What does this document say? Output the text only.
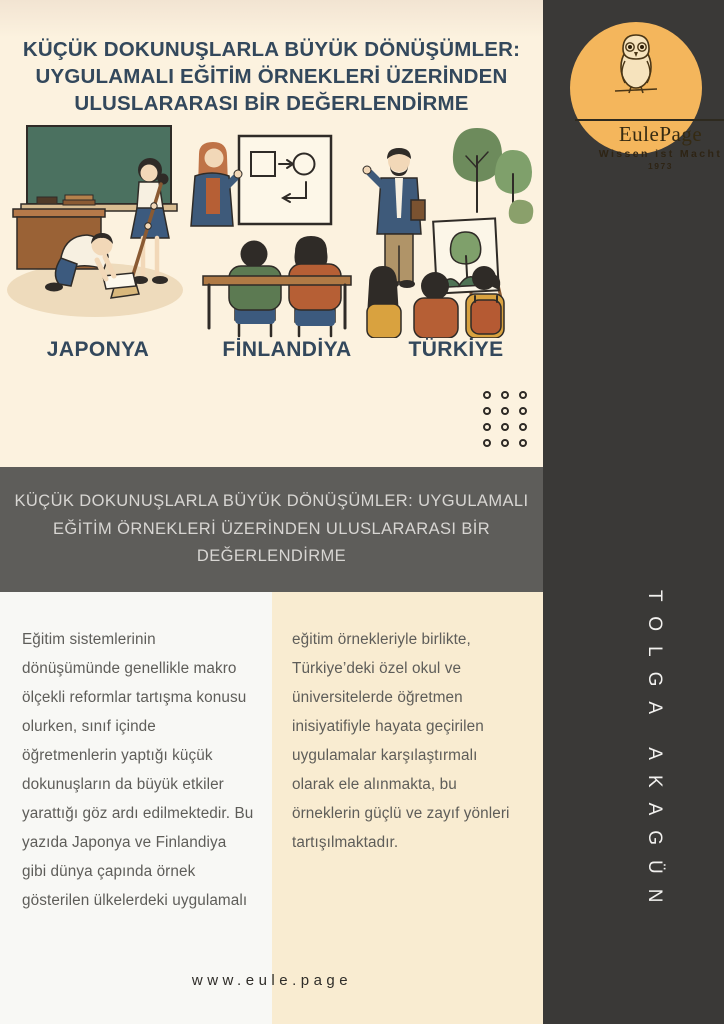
KÜÇÜK DOKUNUŞLARLA BÜYÜK DÖNÜŞÜMLER:
UYGULAMALI EĞİTİM ÖRNEKLERİ ÜZERİNDEN
ULUSLARARASI BİR DEĞERLENDİRME
JAPONYA	FİNLANDİYA	TÜRKİYE
KÜÇÜK DOKUNUŞLARLA BÜYÜK DÖNÜŞÜMLER: UYGULAMALI
EĞİTİM ÖRNEKLERİ ÜZERİNDEN ULUSLARARASI BİR
DEĞERLENDİRME

Eğitim sistemlerinin dönüşümünde genellikle makro ölçekli reformlar tartışma konusu olurken, sınıf içinde öğretmenlerin yaptığı küçük dokunuşların da büyük etkiler yarattığı göz ardı edilmektedir. Bu yazıda Japonya ve Finlandiya gibi dünya çapında örnek gösterilen ülkelerdeki uygulamalı

eğitim örnekleriyle birlikte, Türkiye’deki özel okul ve üniversitelerde öğretmen inisiyatifiyle hayata geçirilen uygulamalar karşılaştırmalı olarak ele alınmakta, bu örneklerin güçlü ve zayıf yönleri tartışılmaktadır.

www.eule.page
EulePage
Wissen ist Macht
1973
TOLGA AKAGÜN
